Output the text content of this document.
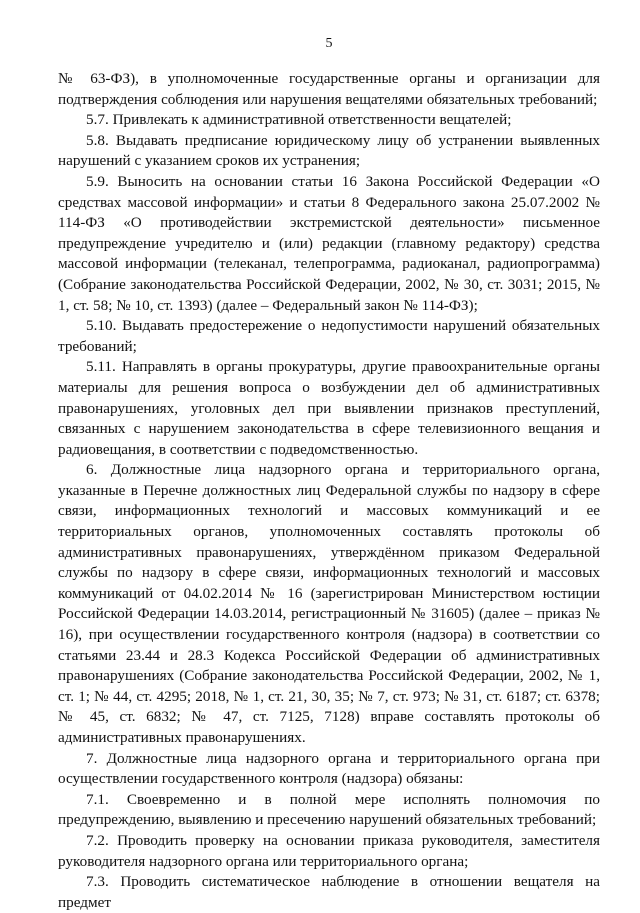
5

№ 63-ФЗ), в уполномоченные государственные органы и организации для подтверждения соблюдения или нарушения вещателями обязательных требований;

5.7. Привлекать к административной ответственности вещателей;

5.8. Выдавать предписание юридическому лицу об устранении выявленных нарушений с указанием сроков их устранения;

5.9. Выносить на основании статьи 16 Закона Российской Федерации «О средствах массовой информации» и статьи 8 Федерального закона 25.07.2002 № 114-ФЗ «О противодействии экстремистской деятельности» письменное предупреждение учредителю и (или) редакции (главному редактору) средства массовой информации (телеканал, телепрограмма, радиоканал, радиопрограмма) (Собрание законодательства Российской Федерации, 2002, № 30, ст. 3031; 2015, № 1, ст. 58; № 10, ст. 1393) (далее – Федеральный закон № 114-ФЗ);

5.10. Выдавать предостережение о недопустимости нарушений обязательных требований;

5.11. Направлять в органы прокуратуры, другие правоохранительные органы материалы для решения вопроса о возбуждении дел об административных правонарушениях, уголовных дел при выявлении признаков преступлений, связанных с нарушением законодательства в сфере телевизионного вещания и радиовещания, в соответствии с подведомственностью.

6. Должностные лица надзорного органа и территориального органа, указанные в Перечне должностных лиц Федеральной службы по надзору в сфере связи, информационных технологий и массовых коммуникаций и ее территориальных органов, уполномоченных составлять протоколы об административных правонарушениях, утверждённом приказом Федеральной службы по надзору в сфере связи, информационных технологий и массовых коммуникаций от 04.02.2014 № 16 (зарегистрирован Министерством юстиции Российской Федерации 14.03.2014, регистрационный № 31605) (далее – приказ № 16), при осуществлении государственного контроля (надзора) в соответствии со статьями 23.44 и 28.3 Кодекса Российской Федерации об административных правонарушениях (Собрание законодательства Российской Федерации, 2002, № 1, ст. 1; № 44, ст. 4295; 2018, № 1, ст. 21, 30, 35; № 7, ст. 973; № 31, ст. 6187; ст. 6378; № 45, ст. 6832; № 47, ст. 7125, 7128) вправе составлять протоколы об административных правонарушениях.

7. Должностные лица надзорного органа и территориального органа при осуществлении государственного контроля (надзора) обязаны:

7.1. Своевременно и в полной мере исполнять полномочия по предупреждению, выявлению и пресечению нарушений обязательных требований;

7.2. Проводить проверку на основании приказа руководителя, заместителя руководителя надзорного органа или территориального органа;

7.3. Проводить систематическое наблюдение в отношении вещателя на предмет
